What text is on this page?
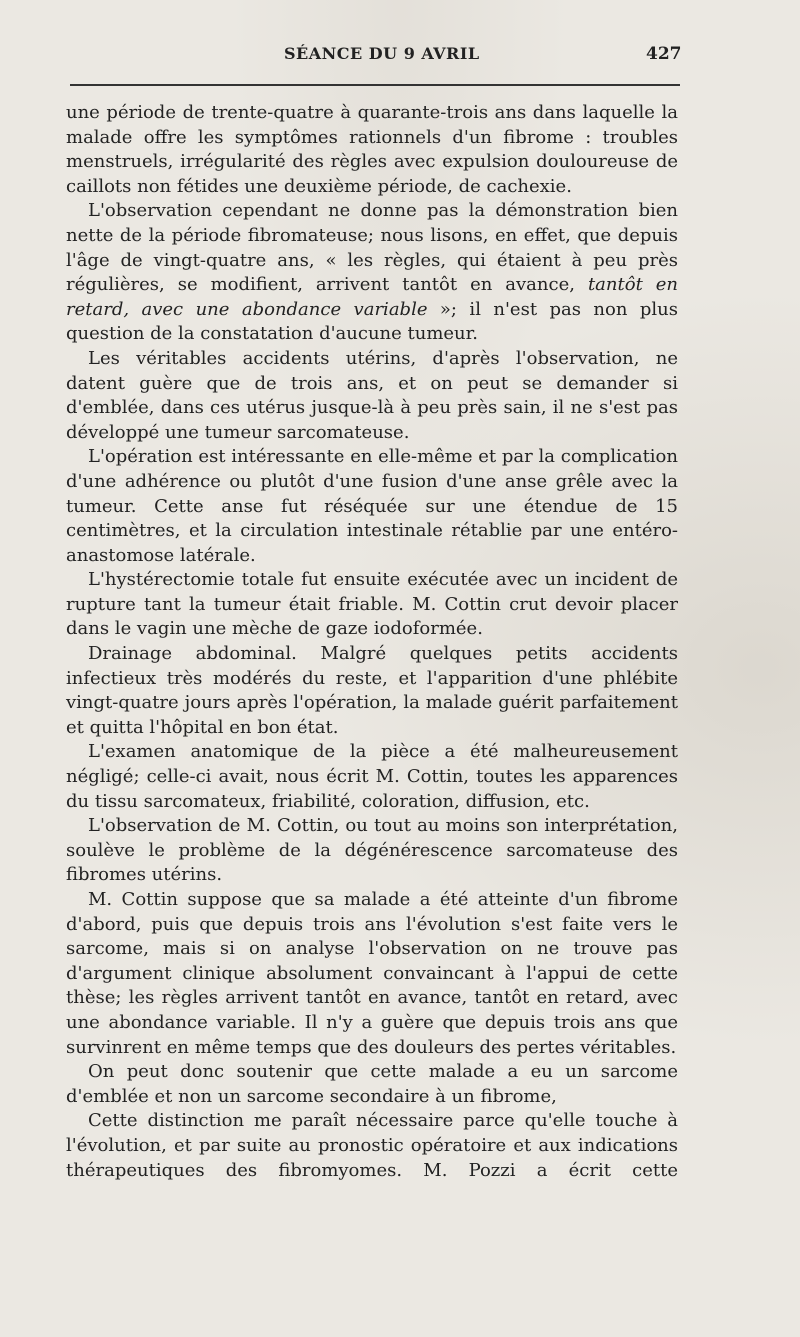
SÉANCE DU 9 AVRIL	427

une période de trente-quatre à quarante-trois ans dans laquelle la malade offre les symptômes rationnels d'un fibrome : troubles menstruels, irrégularité des règles avec expulsion douloureuse de caillots non fétides une deuxième période, de cachexie.

L'observation cependant ne donne pas la démonstration bien nette de la période fibromateuse; nous lisons, en effet, que depuis l'âge de vingt-quatre ans, « les règles, qui étaient à peu près régulières, se modifient, arrivent tantôt en avance, tantôt en retard, avec une abondance variable »; il n'est pas non plus question de la constatation d'aucune tumeur.

Les véritables accidents utérins, d'après l'observation, ne datent guère que de trois ans, et on peut se demander si d'emblée, dans ces utérus jusque-là à peu près sain, il ne s'est pas développé une tumeur sarcomateuse.

L'opération est intéressante en elle-même et par la complication d'une adhérence ou plutôt d'une fusion d'une anse grêle avec la tumeur. Cette anse fut réséquée sur une étendue de 15 centimètres, et la circulation intestinale rétablie par une entéro-anastomose latérale.

L'hystérectomie totale fut ensuite exécutée avec un incident de rupture tant la tumeur était friable. M. Cottin crut devoir placer dans le vagin une mèche de gaze iodoformée.

Drainage abdominal. Malgré quelques petits accidents infectieux très modérés du reste, et l'apparition d'une phlébite vingt-quatre jours après l'opération, la malade guérit parfaitement et quitta l'hôpital en bon état.

L'examen anatomique de la pièce a été malheureusement négligé; celle-ci avait, nous écrit M. Cottin, toutes les apparences du tissu sarcomateux, friabilité, coloration, diffusion, etc.

L'observation de M. Cottin, ou tout au moins son interprétation, soulève le problème de la dégénérescence sarcomateuse des fibromes utérins.

M. Cottin suppose que sa malade a été atteinte d'un fibrome d'abord, puis que depuis trois ans l'évolution s'est faite vers le sarcome, mais si on analyse l'observation on ne trouve pas d'argument clinique absolument convaincant à l'appui de cette thèse; les règles arrivent tantôt en avance, tantôt en retard, avec une abondance variable. Il n'y a guère que depuis trois ans que survinrent en même temps que des douleurs des pertes véritables.

On peut donc soutenir que cette malade a eu un sarcome d'emblée et non un sarcome secondaire à un fibrome,

Cette distinction me paraît nécessaire parce qu'elle touche à l'évolution, et par suite au pronostic opératoire et aux indications thérapeutiques des fibromyomes. M. Pozzi a écrit cette
